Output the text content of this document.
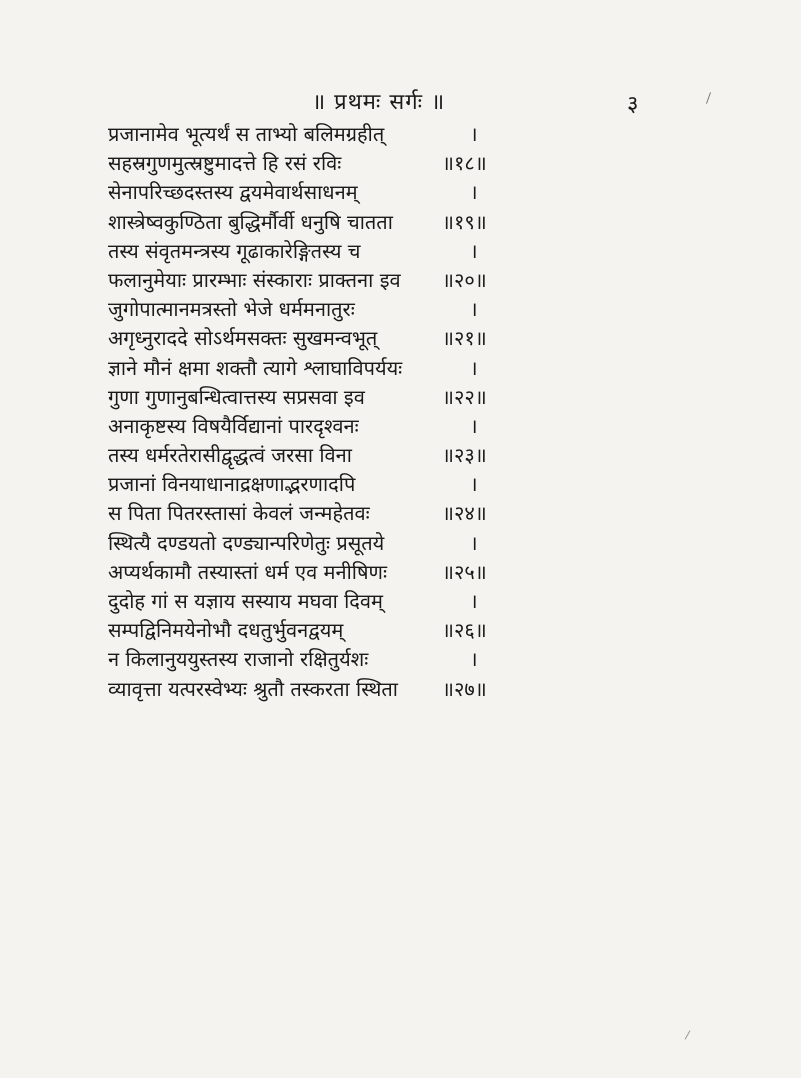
॥ प्रथमः सर्गः ॥	३
प्रजानामेव भूत्यर्थं स ताभ्यो बलिमग्रहीत्	।
सहस्रगुणमुत्स्रष्टुमादत्ते हि रसं रविः	॥१८॥
सेनापरिच्छदस्तस्य द्वयमेवार्थसाधनम्	।
शास्त्रेष्वकुण्ठिता बुद्धिर्मौर्वी धनुषि चातता ॥१९॥
तस्य संवृतमन्त्रस्य गूढाकारेङ्गितस्य च	।
फलानुमेयाः प्रारम्भाः संस्काराः प्राक्तना इव ॥२०॥
जुगोपात्मानमत्रस्तो भेजे धर्ममनातुरः	।
अगृध्नुराददे सोऽर्थमसक्तः सुखमन्वभूत्	॥२१॥
ज्ञाने मौनं क्षमा शक्तौ त्यागे श्लाघाविपर्ययः	।
गुणा गुणानुबन्धित्वात्तस्य सप्रसवा इव	॥२२॥
अनाकृष्टस्य विषयैर्विद्यानां पारदृश्वनः	।
तस्य धर्मरतेरासीद्वृद्धत्वं जरसा विना	॥२३॥
प्रजानां विनयाधानाद्रक्षणाद्भरणादपि	।
स पिता पितरस्तासां केवलं जन्महेतवः	॥२४॥
स्थित्यै दण्डयतो दण्ड्यान्परिणेतुः प्रसूतये	।
अप्यर्थकामौ तस्यास्तां धर्म एव मनीषिणः	॥२५॥
दुदोह गां स यज्ञाय सस्याय मघवा दिवम्	।
सम्पद्विनिमयेनोभौ दधतुर्भुवनद्वयम्	॥२६॥
न किलानुययुस्तस्य राजानो रक्षितुर्यशः	।
व्यावृत्ता यत्परस्वेभ्यः श्रुतौ तस्करता स्थिता ॥२७॥
